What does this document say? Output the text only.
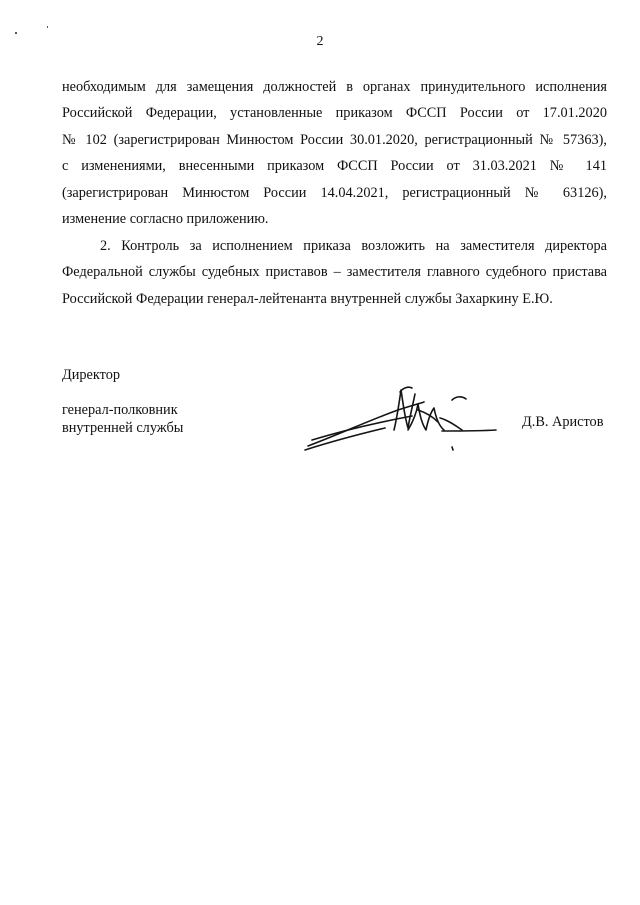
2
необходимым для замещения должностей в органах принудительного исполнения
Российской Федерации, установленные приказом ФССП России от 17.01.2020
№ 102 (зарегистрирован Минюстом России 30.01.2020, регистрационный № 57363),
с изменениями, внесенными приказом ФССП России от 31.03.2021 № 141
(зарегистрирован Минюстом России 14.04.2021, регистрационный № 63126),
изменение согласно приложению.
2. Контроль за исполнением приказа возложить на заместителя директора
Федеральной службы судебных приставов – заместителя главного судебного пристава
Российской Федерации генерал-лейтенанта внутренней службы Захаркину Е.Ю.
Директор
генерал-полковник
внутренней службы	Д.В. Аристов
